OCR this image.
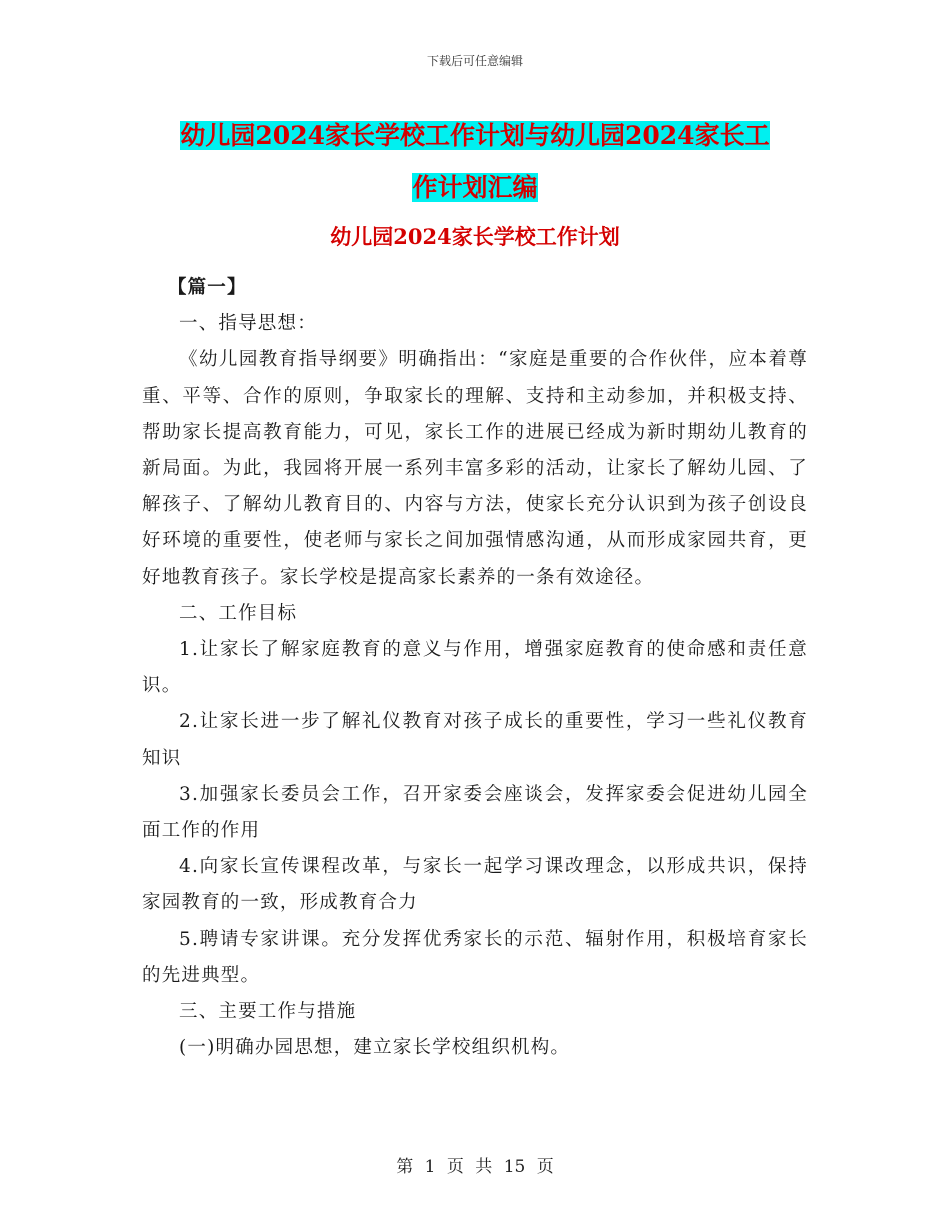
下载后可任意编辑
幼儿园2024家长学校工作计划与幼儿园2024家长工
作计划汇编
幼儿园2024家长学校工作计划

【篇一】

一、指导思想：

《幼儿园教育指导纲要》明确指出：“家庭是重要的合作伙伴，应本着尊重、平等、合作的原则，争取家长的理解、支持和主动参加，并积极支持、帮助家长提高教育能力，可见，家长工作的进展已经成为新时期幼儿教育的新局面。为此，我园将开展一系列丰富多彩的活动，让家长了解幼儿园、了解孩子、了解幼儿教育目的、内容与方法，使家长充分认识到为孩子创设良好环境的重要性，使老师与家长之间加强情感沟通，从而形成家园共育，更好地教育孩子。家长学校是提高家长素养的一条有效途径。

二、工作目标

1.让家长了解家庭教育的意义与作用，增强家庭教育的使命感和责任意识。

2.让家长进一步了解礼仪教育对孩子成长的重要性，学习一些礼仪教育知识

3.加强家长委员会工作，召开家委会座谈会，发挥家委会促进幼儿园全面工作的作用

4.向家长宣传课程改革，与家长一起学习课改理念，以形成共识，保持家园教育的一致，形成教育合力

5.聘请专家讲课。充分发挥优秀家长的示范、辐射作用，积极培育家长的先进典型。

三、主要工作与措施

(一)明确办园思想，建立家长学校组织机构。

第 1 页 共 15 页
